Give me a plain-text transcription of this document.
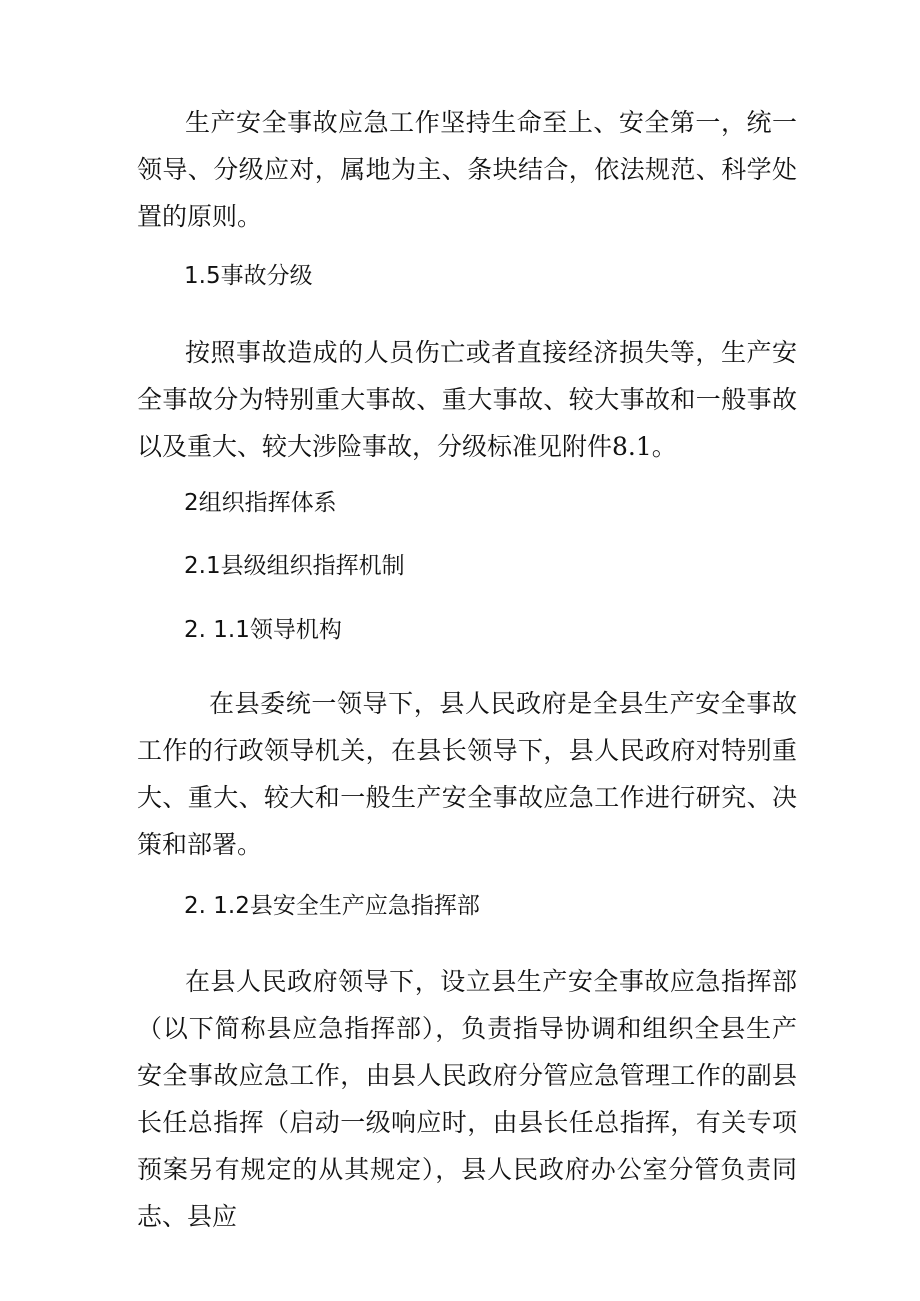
生产安全事故应急工作坚持生命至上、安全第一，统一领导、分级应对，属地为主、条块结合，依法规范、科学处置的原则。

1.5事故分级

按照事故造成的人员伤亡或者直接经济损失等，生产安全事故分为特别重大事故、重大事故、较大事故和一般事故以及重大、较大涉险事故，分级标准见附件8.1。

2组织指挥体系

2.1县级组织指挥机制

2. 1.1领导机构

在县委统一领导下，县人民政府是全县生产安全事故工作的行政领导机关，在县长领导下，县人民政府对特别重大、重大、较大和一般生产安全事故应急工作进行研究、决策和部署。

2. 1.2县安全生产应急指挥部

在县人民政府领导下，设立县生产安全事故应急指挥部（以下简称县应急指挥部），负责指导协调和组织全县生产安全事故应急工作，由县人民政府分管应急管理工作的副县长任总指挥（启动一级响应时，由县长任总指挥，有关专项预案另有规定的从其规定），县人民政府办公室分管负责同志、县应
